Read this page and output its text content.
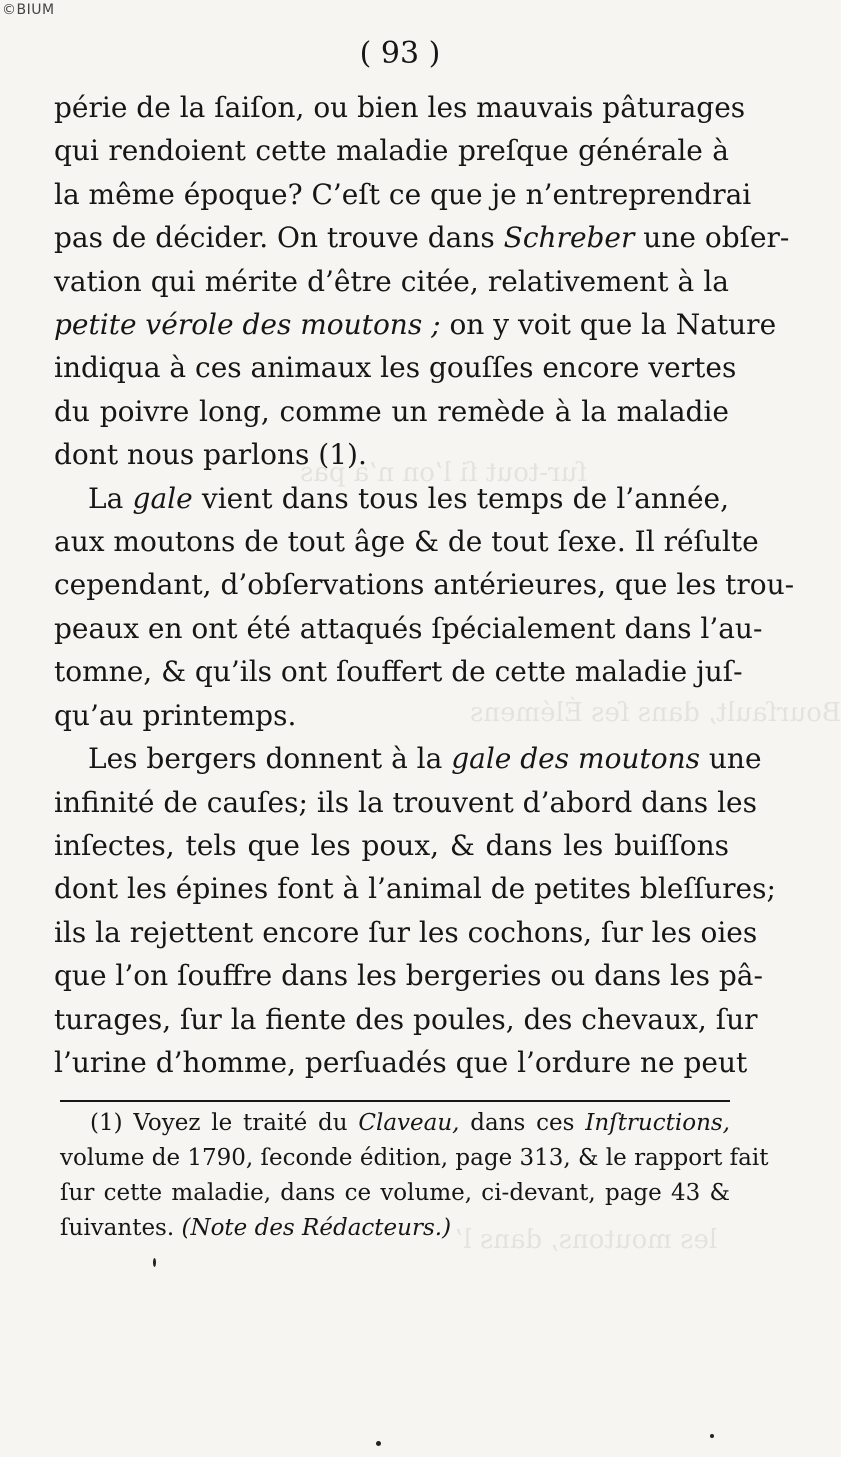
©BIUM
( 93 )
ſur-tout ſi l’on n’a pas
Bourſault, dans ſes Élémens
les moutons, dans l’
périe de la ſaiſon, ou bien les mauvais pâturages
qui rendoient cette maladie preſque générale à
la même époque? C’eſt ce que je n’entreprendrai
pas de décider. On trouve dans Schreber une obſer-
vation qui mérite d’être citée, relativement à la
petite vérole des moutons ; on y voit que la Nature
indiqua à ces animaux les gouſſes encore vertes
du poivre long, comme un remède à la maladie
dont nous parlons (1).
La gale vient dans tous les temps de l’année,
aux moutons de tout âge & de tout ſexe. Il réſulte
cependant, d’obſervations antérieures, que les trou-
peaux en ont été attaqués ſpécialement dans l’au-
tomne, & qu’ils ont ſouffert de cette maladie juſ-
qu’au printemps.
Les bergers donnent à la gale des moutons une
infinité de cauſes; ils la trouvent d’abord dans les
inſectes, tels que les poux, & dans les buiſſons
dont les épines font à l’animal de petites bleſſures;
ils la rejettent encore ſur les cochons, ſur les oies
que l’on ſouffre dans les bergeries ou dans les pâ-
turages, ſur la fiente des poules, des chevaux, ſur
l’urine d’homme, perſuadés que l’ordure ne peut
(1) Voyez le traité du Claveau, dans ces Inſtructions,
volume de 1790, ſeconde édition, page 313, & le rapport fait
ſur cette maladie, dans ce volume, ci-devant, page 43 &
ſuivantes. (Note des Rédacteurs.)
